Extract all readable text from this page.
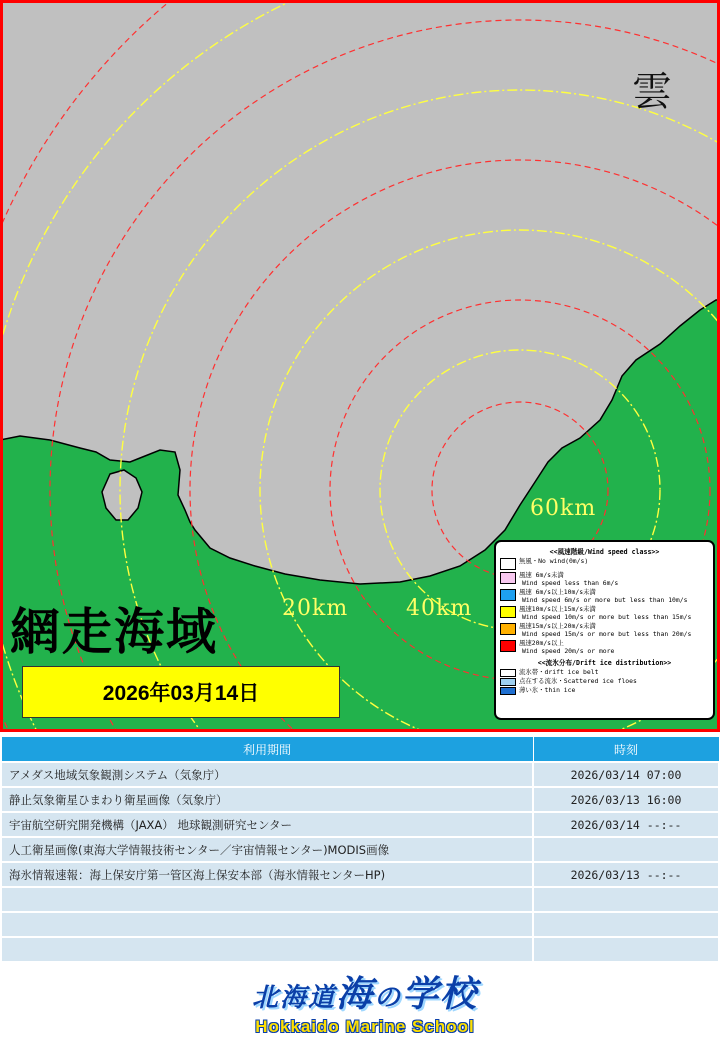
雲
20km	40km
60km
網走海域
2026年03月14日
<<風速階級/Wind speed class>>
無風・No wind(0m/s)
風速 6m/s未満
Wind speed less than 6m/s
風速 6m/s以上10m/s未満
Wind speed 6m/s or more but less than 10m/s
風速10m/s以上15m/s未満
Wind speed 10m/s or more but less than 15m/s
風速15m/s以上20m/s未満
Wind speed 15m/s or more but less than 20m/s
風速20m/s以上
Wind speed 20m/s or more
<<流氷分布/Drift ice distribution>>
流氷帯・drift ice belt
点在する流氷・Scattered ice floes
薄い氷・thin ice
利用期間	時刻
アメダス地域気象観測システム（気象庁）	2026/03/14 07:00
静止気象衛星ひまわり衛星画像（気象庁）	2026/03/13 16:00
宇宙航空研究開発機構（JAXA） 地球観測研究センター	2026/03/14 --:--
人工衛星画像(東海大学情報技術センター／宇宙情報センター)MODIS画像	
海氷情報速報：海上保安庁第一管区海上保安本部（海氷情報センターHP)	2026/03/13 --:--

北海道海の学校
Hokkaido Marine School
